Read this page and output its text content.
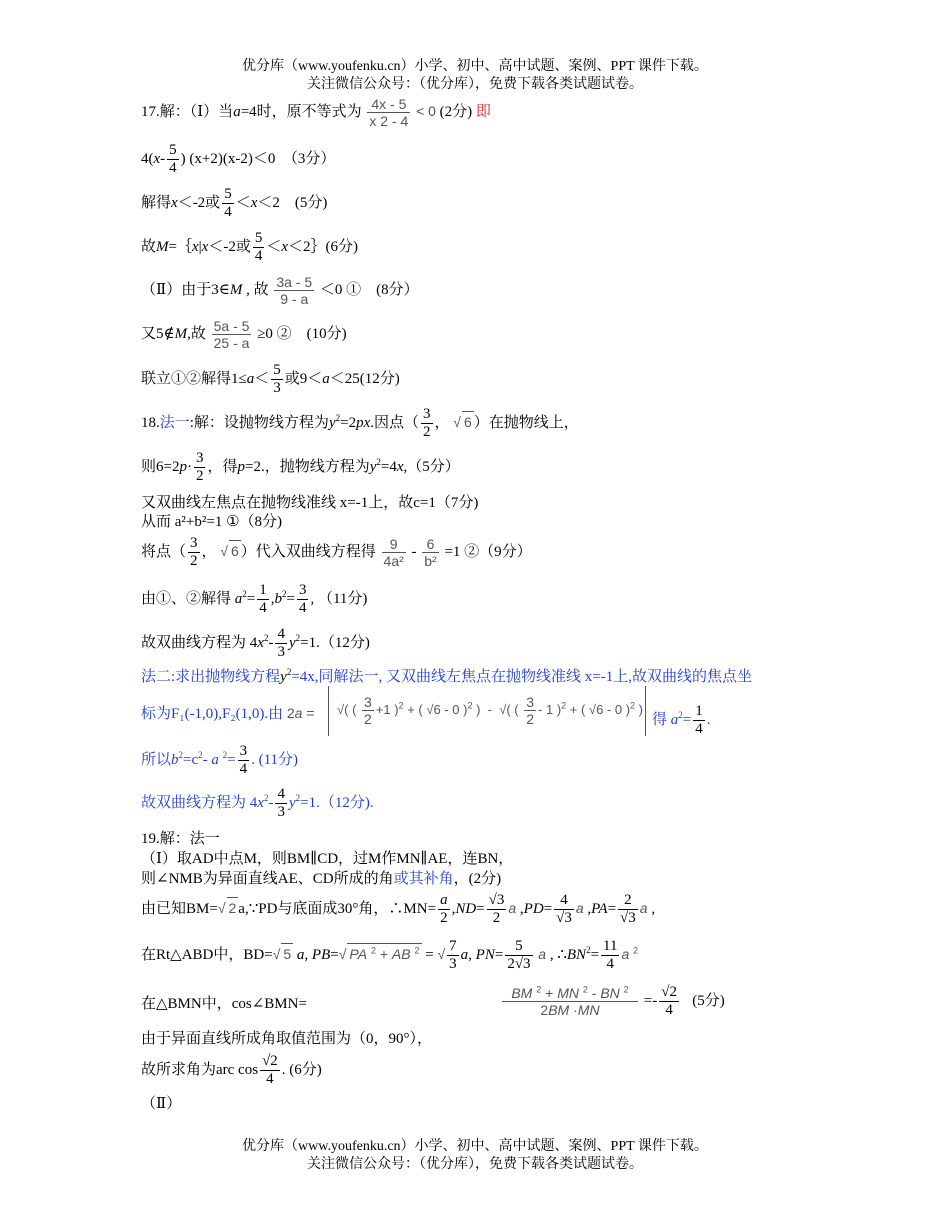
优分库（www.youfenku.cn）小学、初中、高中试题、案例、PPT 课件下载。
关注微信公众号：（优分库），免费下载各类试题试卷。
17.解：（Ⅰ）当a=4时，原不等式为 $\frac{4x - 5}{x 2 - 4} < 0$ (2分) 即
$4(x- \frac{5}{4}$ ) (x+2)(x-2)＜0　（3分）
解得x＜-2或 $\frac{5}{4} <x<2$　(5分)
故M=｛x|x＜-2或 $\frac{5}{4}$ ＜x＜2｝(6分)
（Ⅱ）由于3∈M , 故 $\frac{3a - 5}{9 - a} <0$ ①　(8分）
又5∉M,故 $\frac{5a - 5}{25 - a} \ge 0$ ②　(10分)
联立①②解得$1\le a< \frac{5}{3}$ 或9＜a＜25(12分)
18.法一:解：设抛物线方程为$y^2=2px$.因点（ $\frac{3}{2}$ ， √ 6 ）在抛物线上，
则$6=2p\cdot \frac{3}{2}$ ，得p=2.，抛物线方程为$y^2=4x,(5$分）
又双曲线左焦点在抛物线准线 x=-1上，故c=1（7分)
从而 a²+b²=1 ①（8分)
将点（ $\frac{3}{2}$ ， √ 6 ）代入双曲线方程得 $\frac{9}{\text{4a²}} - \frac{6}{\text{b²}} =1$ ②（9分）
由①、②解得 $a^2= \frac{1}{4} ,b^2= \frac{3}{4}$ , （11分)
故双曲线方程为 $4x^2- \frac{4}{3} y^2=1.(12$分)
法二:求出抛物线方程$y^2=4x$,同解法一, 又双曲线左焦点在抛物线准线 x=-1上,故双曲线的焦点坐
标为F₁(-1,0),F₂(1,0).由 2a = √( ( $\frac{3}{2} +1$ )$^2$ + ( √6 - 0 )$^2$ )  -  √( ( $\frac{3}{2} - 1$ )$^2$ + ( √6 - 0 )$^2$ )
得 $a^2= \frac{1}{4}$ .
所以$b^2=c^2-$ a $^2= \frac{3}{4}$ . (11分)
故双曲线方程为 $4x^2- \frac{4}{3} y^2=1.(12$分).
19.解：法一
（Ⅰ）取AD中点M，则BM∥CD，过M作MN∥AE，连BN，
则∠NMB为异面直线AE、CD所成的角或其补角，(2分)
由已知BM=√ 2 a,∵PD与底面成30°角，∴MN= $\frac{a}{2} ,ND= \frac{√3}{2}$ a $,PD= \frac{4}{√3}$ a $,PA= \frac{2}{√3}$ a ,
在Rt△ABD中，BD=√ 5 a, PB=√ PA $^2$ + AB $^2$ = √ $\frac{7}{3} a$, $PN= \frac{5}{2√3}$ a , $\therefore BN^2= \frac{11}{4}$ a $^2$
在△BMN中，cos∠BMN=	$\frac{BM ^2 + MN ^2 - BN ^2}{2BM \cdot MN} =- \frac{√2}{4} (5$分)
由于异面直线所成角取值范围为（0，90°），
故所求角为arc $\cos \frac{√2}{4}$ . (6分)
（Ⅱ）
优分库（www.youfenku.cn）小学、初中、高中试题、案例、PPT 课件下载。
关注微信公众号：（优分库），免费下载各类试题试卷。
